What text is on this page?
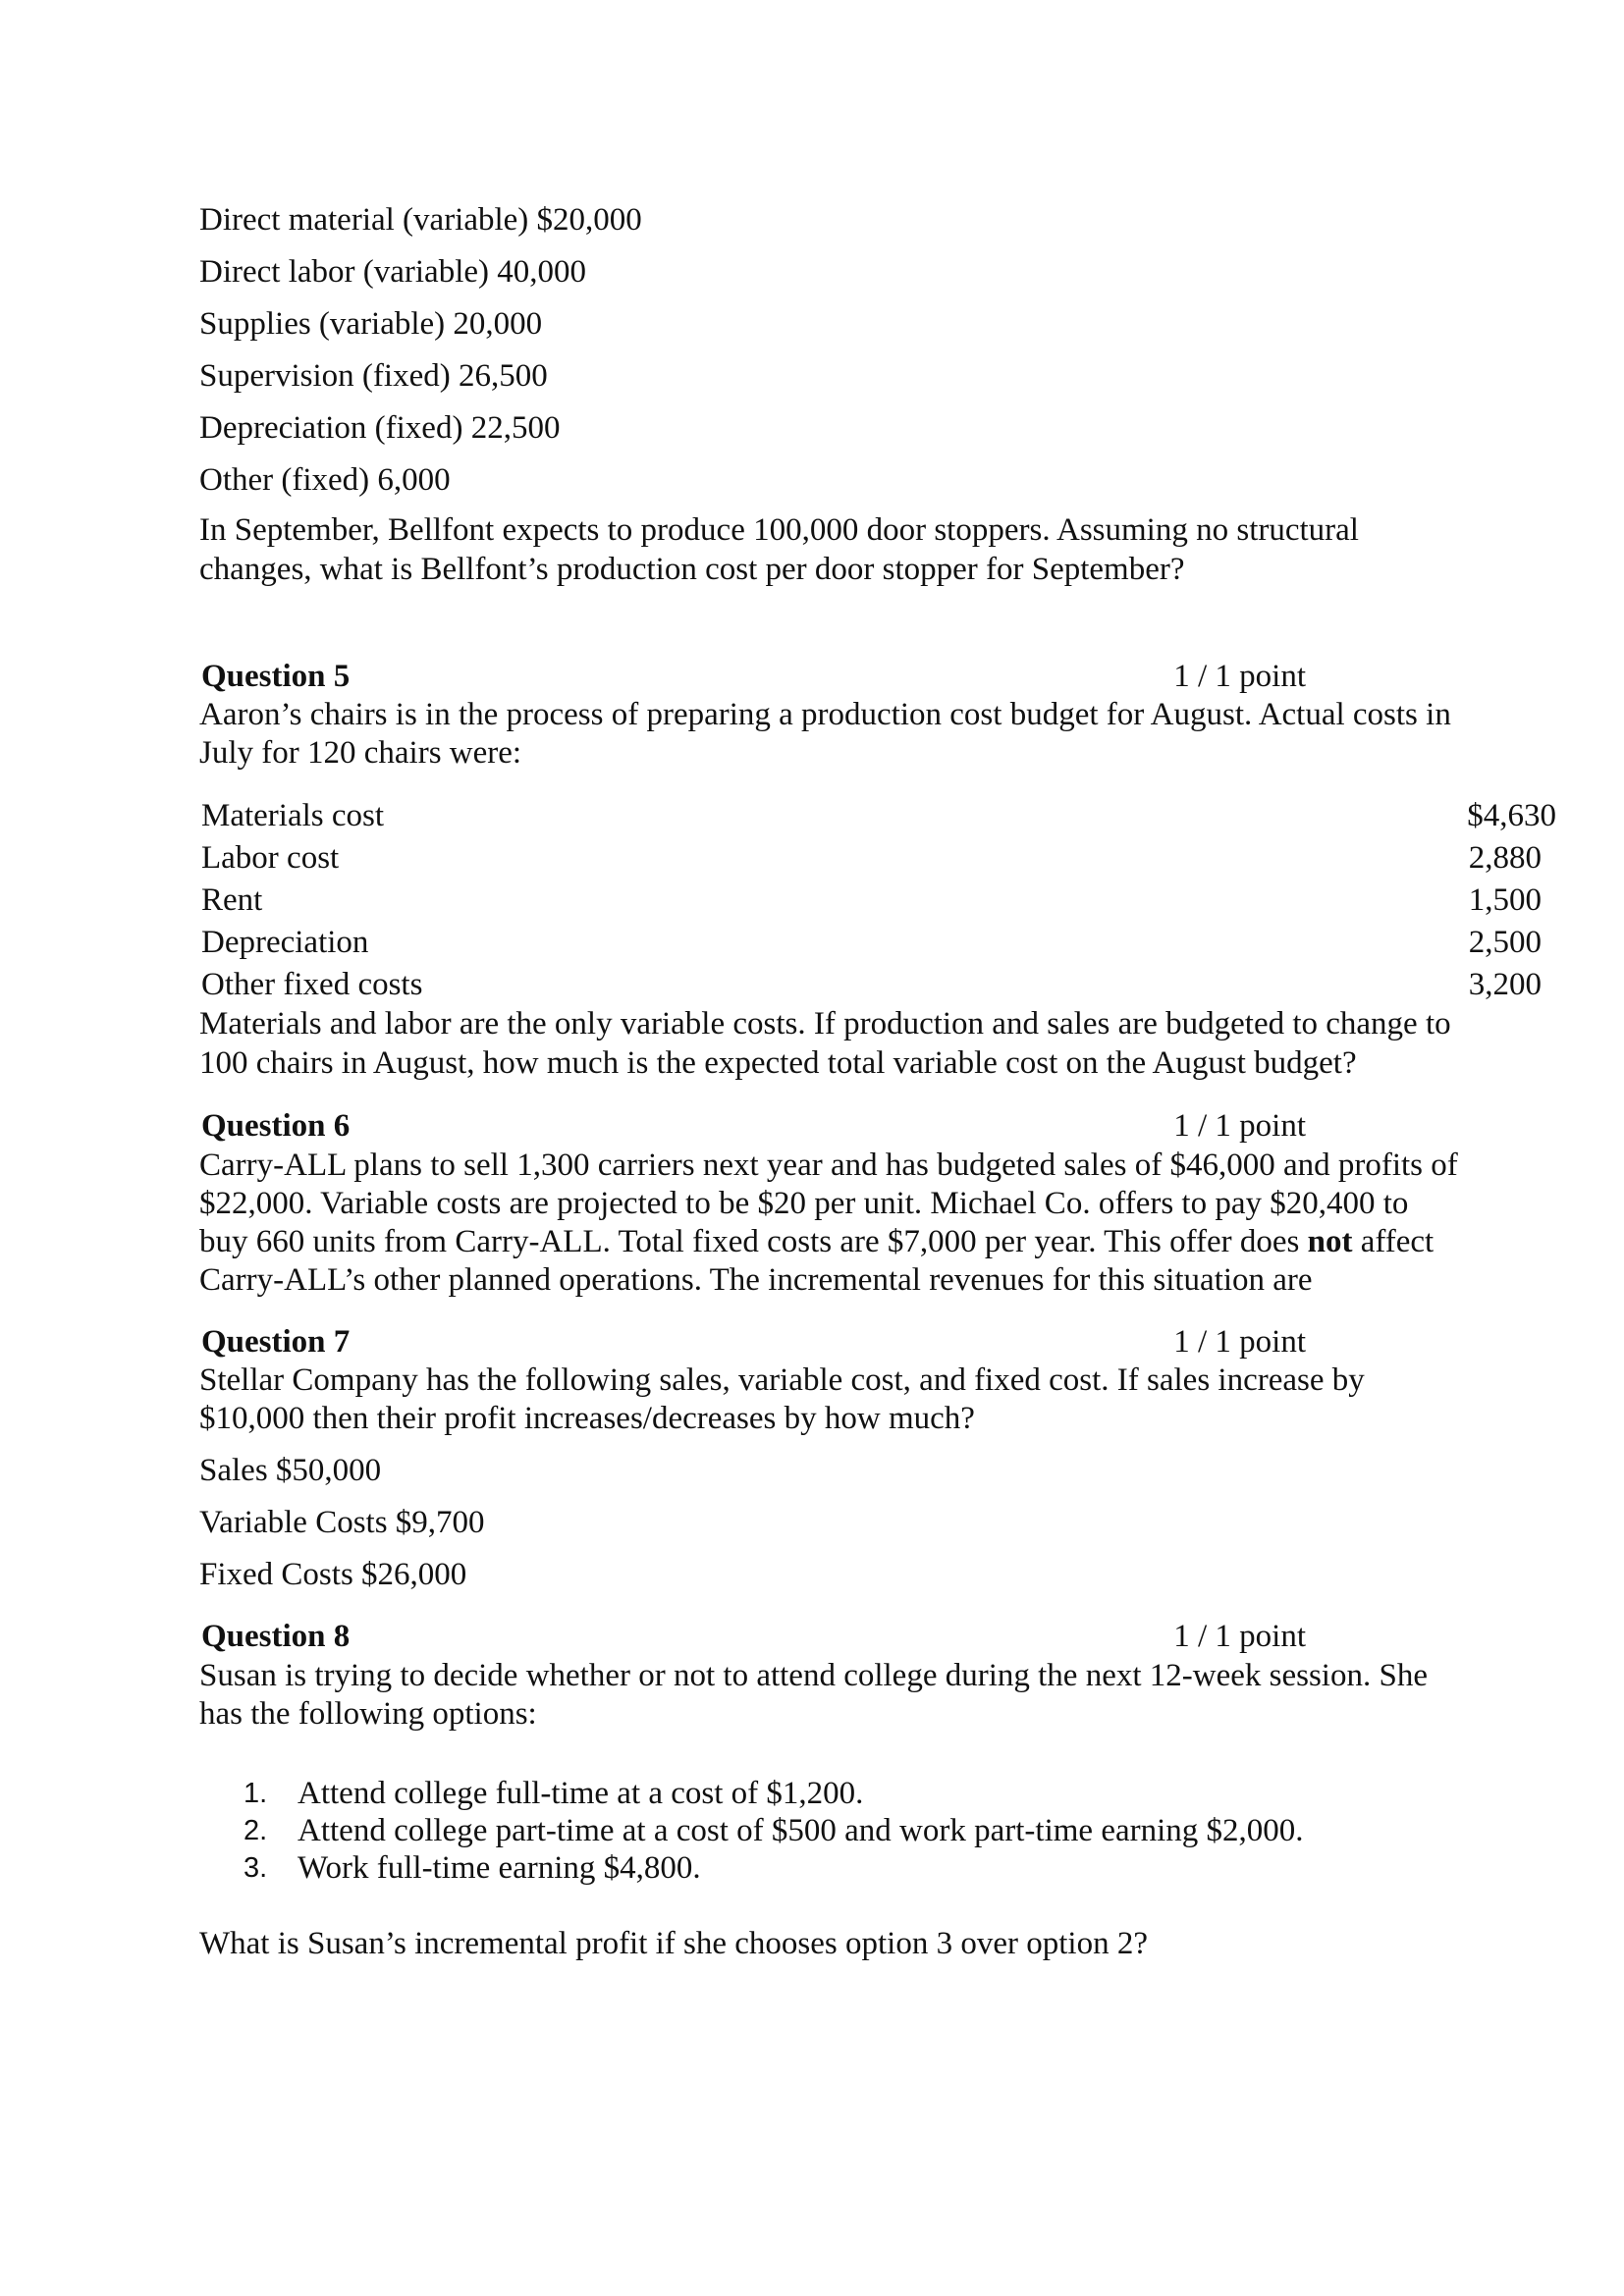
Direct material (variable) $20,000

Direct labor (variable) 40,000

Supplies (variable) 20,000

Supervision (fixed) 26,500

Depreciation (fixed) 22,500

Other (fixed) 6,000

In September, Bellfont expects to produce 100,000 door stoppers. Assuming no structural

changes, what is Bellfont’s production cost per door stopper for September?

Question 5	1 / 1 point

Aaron’s chairs is in the process of preparing a production cost budget for August. Actual costs in

July for 120 chairs were:

Materials cost	$4,630
Labor cost	2,880
Rent	1,500
Depreciation	2,500
Other fixed costs	3,200

Materials and labor are the only variable costs. If production and sales are budgeted to change to

100 chairs in August, how much is the expected total variable cost on the August budget?

Question 6	1 / 1 point

Carry-ALL plans to sell 1,300 carriers next year and has budgeted sales of $46,000 and profits of

$22,000. Variable costs are projected to be $20 per unit. Michael Co. offers to pay $20,400 to

buy 660 units from Carry-ALL. Total fixed costs are $7,000 per year. This offer does not affect

Carry-ALL’s other planned operations. The incremental revenues for this situation are

Question 7	1 / 1 point

Stellar Company has the following sales, variable cost, and fixed cost. If sales increase by

$10,000 then their profit increases/decreases by how much?

Sales $50,000

Variable Costs $9,700

Fixed Costs $26,000

Question 8	1 / 1 point

Susan is trying to decide whether or not to attend college during the next 12-week session. She

has the following options:

1. Attend college full-time at a cost of $1,200.
2. Attend college part-time at a cost of $500 and work part-time earning $2,000.
3. Work full-time earning $4,800.

What is Susan’s incremental profit if she chooses option 3 over option 2?
